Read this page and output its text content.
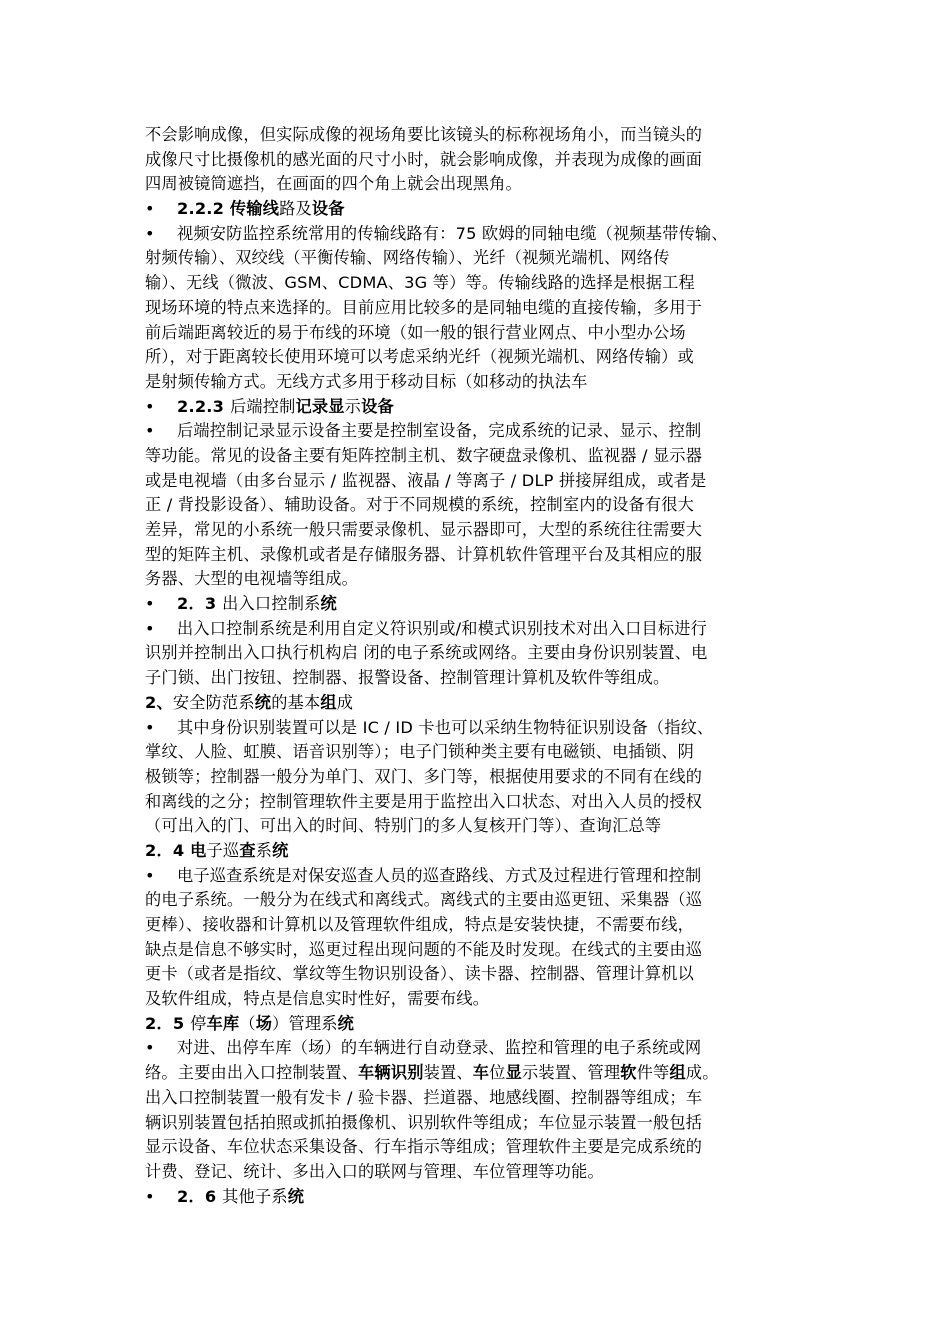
不会影响成像，但实际成像的视场角要比该镜头的标称视场角小，而当镜头的
成像尺寸比摄像机的感光面的尺寸小时，就会影响成像，并表现为成像的画面
四周被镜筒遮挡，在画面的四个角上就会出现黑角。
• 2.2.2 传输线路及设备
• 视频安防监控系统常用的传输线路有：75 欧姆的同轴电缆（视频基带传输、
射频传输）、双绞线（平衡传输、网络传输）、光纤（视频光端机、网络传
输）、无线（微波、GSM、CDMA、3G 等）等。传输线路的选择是根据工程
现场环境的特点来选择的。目前应用比较多的是同轴电缆的直接传输，多用于
前后端距离较近的易于布线的环境（如一般的银行营业网点、中小型办公场
所），对于距离较长使用环境可以考虑采纳光纤（视频光端机、网络传输）或
是射频传输方式。无线方式多用于移动目标（如移动的执法车
• 2.2.3 后端控制记录显示设备
• 后端控制记录显示设备主要是控制室设备，完成系统的记录、显示、控制
等功能。常见的设备主要有矩阵控制主机、数字硬盘录像机、监视器 / 显示器
或是电视墙（由多台显示 / 监视器、液晶 / 等离子 / DLP 拼接屏组成，或者是
正 / 背投影设备）、辅助设备。对于不同规模的系统，控制室内的设备有很大
差异，常见的小系统一般只需要录像机、显示器即可，大型的系统往往需要大
型的矩阵主机、录像机或者是存储服务器、计算机软件管理平台及其相应的服
务器、大型的电视墙等组成。
• 2．3 出入口控制系统
• 出入口控制系统是利用自定义符识别或/和模式识别技术对出入口目标进行
识别并控制出入口执行机构启 闭的电子系统或网络。主要由身份识别装置、电
子门锁、出门按钮、控制器、报警设备、控制管理计算机及软件等组成。
2、安全防范系统的基本组成
• 其中身份识别装置可以是 IC / ID 卡也可以采纳生物特征识别设备（指纹、
掌纹、人脸、虹膜、语音识别等）；电子门锁种类主要有电磁锁、电插锁、阴
极锁等；控制器一般分为单门、双门、多门等，根据使用要求的不同有在线的
和离线的之分；控制管理软件主要是用于监控出入口状态、对出入人员的授权
（可出入的门、可出入的时间、特别门的多人复核开门等）、查询汇总等
2．4 电子巡查系统
• 电子巡查系统是对保安巡查人员的巡查路线、方式及过程进行管理和控制
的电子系统。一般分为在线式和离线式。离线式的主要由巡更钮、采集器（巡
更棒）、接收器和计算机以及管理软件组成，特点是安装快捷，不需要布线，
缺点是信息不够实时，巡更过程出现问题的不能及时发现。在线式的主要由巡
更卡（或者是指纹、掌纹等生物识别设备）、读卡器、控制器、管理计算机以
及软件组成，特点是信息实时性好，需要布线。
2．5 停车库（场）管理系统
• 对进、出停车库（场）的车辆进行自动登录、监控和管理的电子系统或网
络。主要由出入口控制装置、车辆识别装置、车位显示装置、管理软件等组成。
出入口控制装置一般有发卡 / 验卡器、拦道器、地感线圈、控制器等组成；车
辆识别装置包括拍照或抓拍摄像机、识别软件等组成；车位显示装置一般包括
显示设备、车位状态采集设备、行车指示等组成；管理软件主要是完成系统的
计费、登记、统计、多出入口的联网与管理、车位管理等功能。
• 2．6 其他子系统
